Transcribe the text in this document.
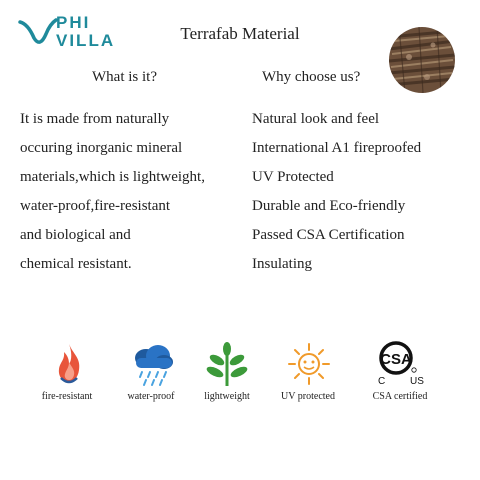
PHI
VILLA	Terrafab Material
What is it?	Why choose us?
It is made from naturally
occuring inorganic mineral
materials,which is lightweight,
water-proof,fire-resistant
and biological and
chemical resistant.
Natural look and feel
International A1 fireproofed
UV Protected
Durable and Eco-friendly
Passed CSA Certification
Insulating
CSA
C US
fire-resistant	water-proof	lightweight	UV protected	CSA certified
